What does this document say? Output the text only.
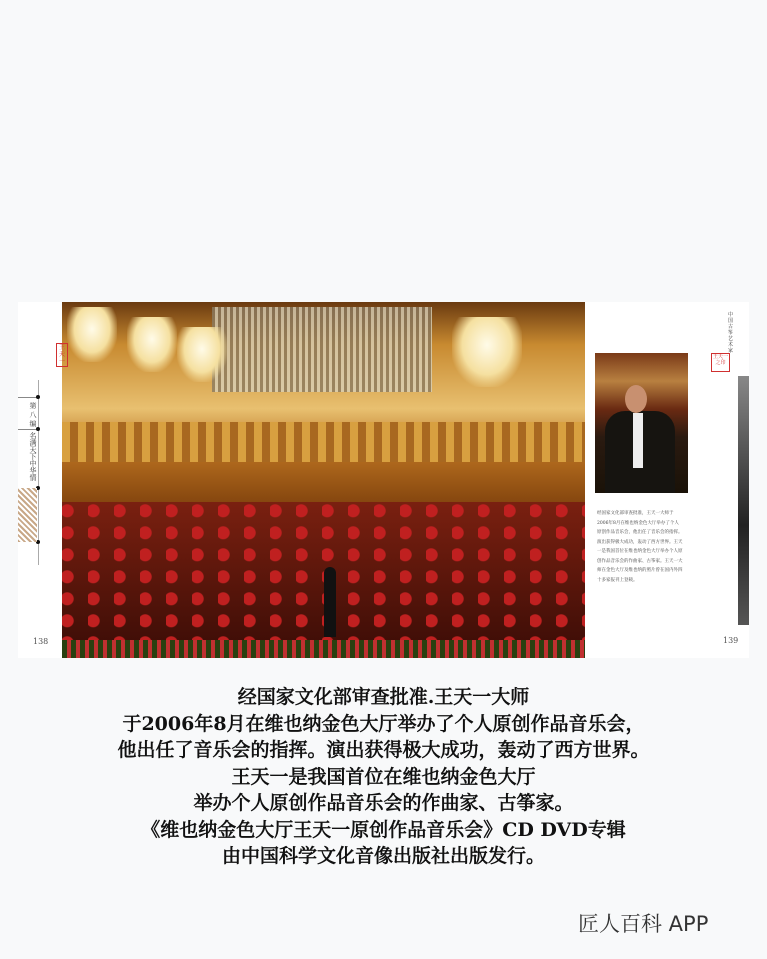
王天一
王天一之印
中国古筝艺术家
第八编
名满天下中华情
经国家文化部审查批准，王天一大师于2006年8月在维也纳金色大厅举办了个人原创作品音乐会，他出任了音乐会的指挥。演出获得极大成功，轰动了西方世界。王天一是我国首位在维也纳金色大厅举办个人原创作品音乐会的作曲家、古筝家。王天一大师在金色大厅及维也纳的照片曾在国内外四十多家报刊上登载。
138	139
经国家文化部审查批准.王天一大师
于2006年8月在维也纳金色大厅举办了个人原创作品音乐会，
他出任了音乐会的指挥。演出获得极大成功，轰动了西方世界。
王天一是我国首位在维也纳金色大厅
举办个人原创作品音乐会的作曲家、古筝家。
《维也纳金色大厅王天一原创作品音乐会》CD DVD专辑
由中国科学文化音像出版社出版发行。
匠人百科 APP
